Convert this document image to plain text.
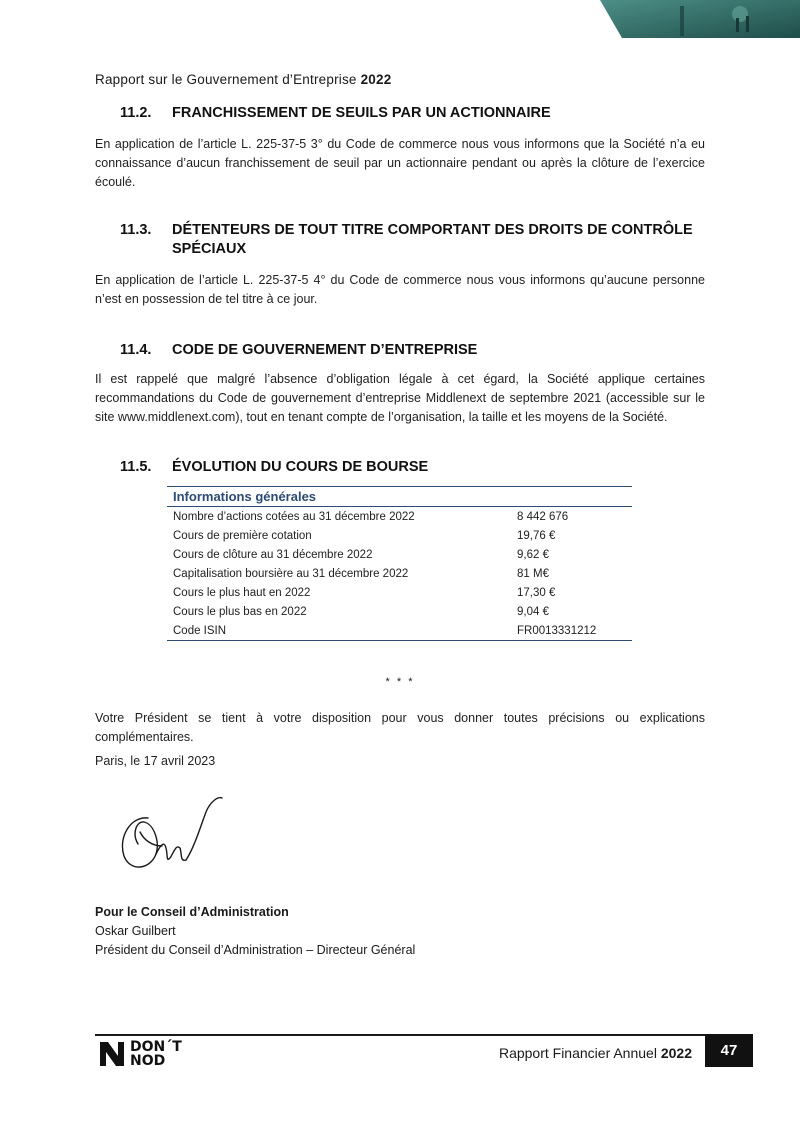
Rapport sur le Gouvernement d’Entreprise 2022
11.2.	FRANCHISSEMENT DE SEUILS PAR UN ACTIONNAIRE

En application de l’article L. 225-37-5 3° du Code de commerce nous vous informons que la Société n’a eu connaissance d’aucun franchissement de seuil par un actionnaire pendant ou après la clôture de l’exercice écoulé.

11.3.	DÉTENTEURS DE TOUT TITRE COMPORTANT DES DROITS DE CONTRÔLE SPÉCIAUX

En application de l’article L. 225-37-5 4° du Code de commerce nous vous informons qu’aucune personne n’est en possession de tel titre à ce jour.

11.4.	CODE DE GOUVERNEMENT D’ENTREPRISE

Il est rappelé que malgré l’absence d’obligation légale à cet égard, la Société applique certaines recommandations du Code de gouvernement d’entreprise Middlenext de septembre 2021 (accessible sur le site www.middlenext.com), tout en tenant compte de l’organisation, la taille et les moyens de la Société.

11.5.	ÉVOLUTION DU COURS DE BOURSE
Informations générales	
Nombre d’actions cotées au 31 décembre 2022	8 442 676
Cours de première cotation	19,76 €
Cours de clôture au 31 décembre 2022	9,62 €
Capitalisation boursière au 31 décembre 2022	81 M€
Cours le plus haut en 2022	17,30 €
Cours le plus bas en 2022	9,04 €
Code ISIN	FR0013331212
* * *

Votre Président se tient à votre disposition pour vous donner toutes précisions ou explications complémentaires.

Paris, le 17 avril 2023

Pour le Conseil d’Administration
Oskar Guilbert
Président du Conseil d’Administration – Directeur Général
DON´T
NOD	Rapport Financier Annuel 2022	47
